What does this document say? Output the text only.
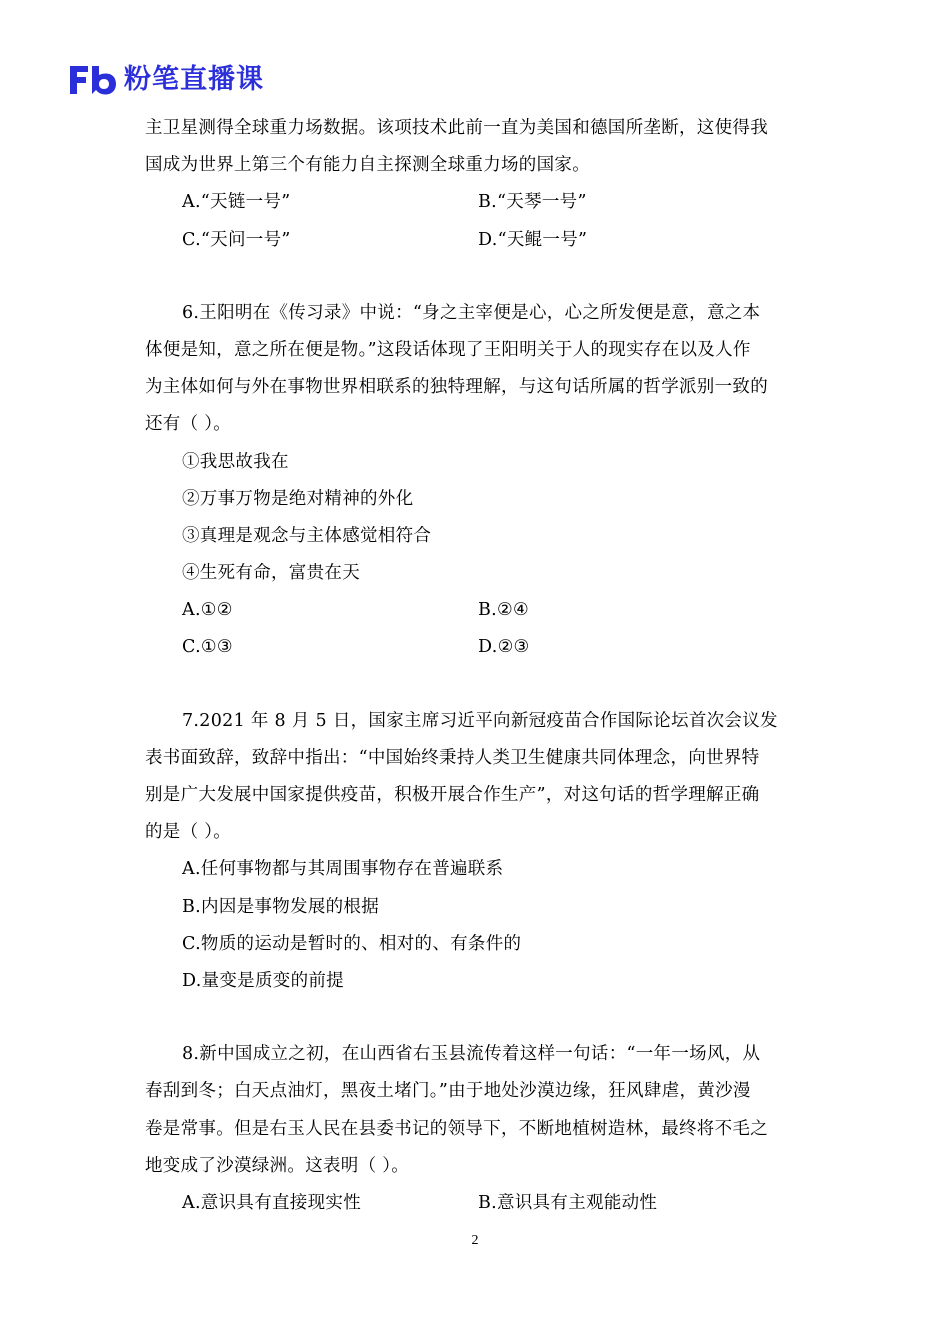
粉笔直播课
主卫星测得全球重力场数据。该项技术此前一直为美国和德国所垄断，这使得我
国成为世界上第三个有能力自主探测全球重力场的国家。
A.“天链一号”	B.“天琴一号”
C.“天问一号”	D.“天鲲一号”
6.王阳明在《传习录》中说：“身之主宰便是心，心之所发便是意，意之本
体便是知，意之所在便是物。”这段话体现了王阳明关于人的现实存在以及人作
为主体如何与外在事物世界相联系的独特理解，与这句话所属的哲学派别一致的
还有（ ）。
①我思故我在
②万事万物是绝对精神的外化
③真理是观念与主体感觉相符合
④生死有命，富贵在天
A.①②	B.②④
C.①③	D.②③
7.2021 年 8 月 5 日，国家主席习近平向新冠疫苗合作国际论坛首次会议发
表书面致辞，致辞中指出：“中国始终秉持人类卫生健康共同体理念，向世界特
别是广大发展中国家提供疫苗，积极开展合作生产”，对这句话的哲学理解正确
的是（ ）。
A.任何事物都与其周围事物存在普遍联系
B.内因是事物发展的根据
C.物质的运动是暂时的、相对的、有条件的
D.量变是质变的前提
8.新中国成立之初，在山西省右玉县流传着这样一句话：“一年一场风，从
春刮到冬；白天点油灯，黑夜土堵门。”由于地处沙漠边缘，狂风肆虐，黄沙漫
卷是常事。但是右玉人民在县委书记的领导下，不断地植树造林，最终将不毛之
地变成了沙漠绿洲。这表明（ ）。
A.意识具有直接现实性	B.意识具有主观能动性
2
